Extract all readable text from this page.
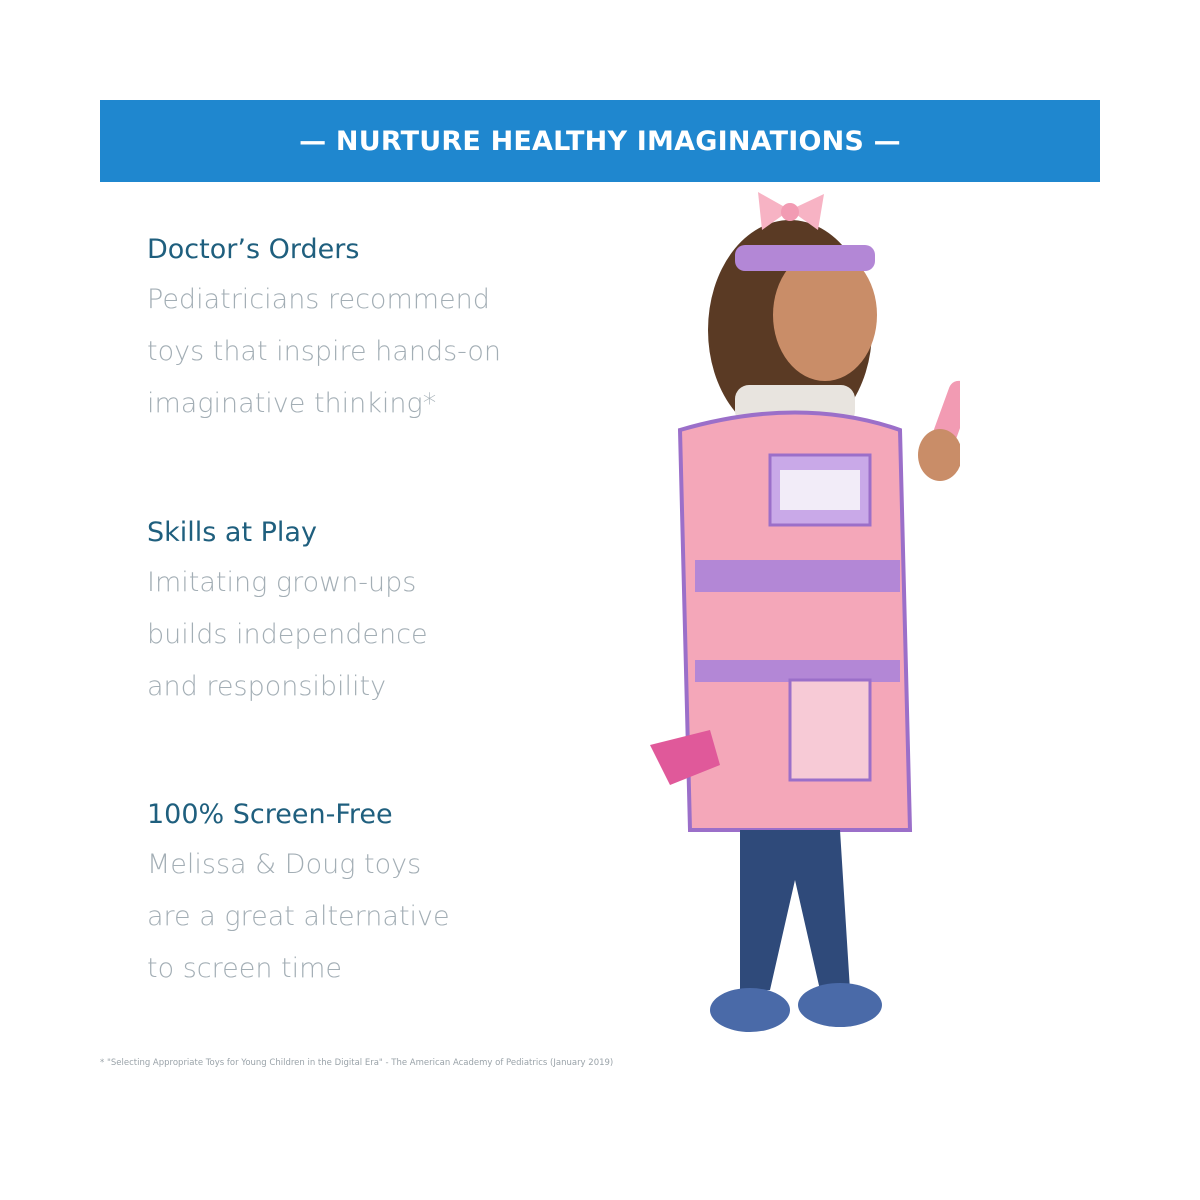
— NURTURE HEALTHY IMAGINATIONS —
Doctor’s Orders
Pediatricians recommend
toys that inspire hands-on
imaginative thinking*
Skills at Play
Imitating grown-ups
builds independence
and responsibility
100% Screen-Free
Melissa & Doug toys
are a great alternative
to screen time
* "Selecting Appropriate Toys for Young Children in the Digital Era" - The American Academy of Pediatrics (January 2019)
